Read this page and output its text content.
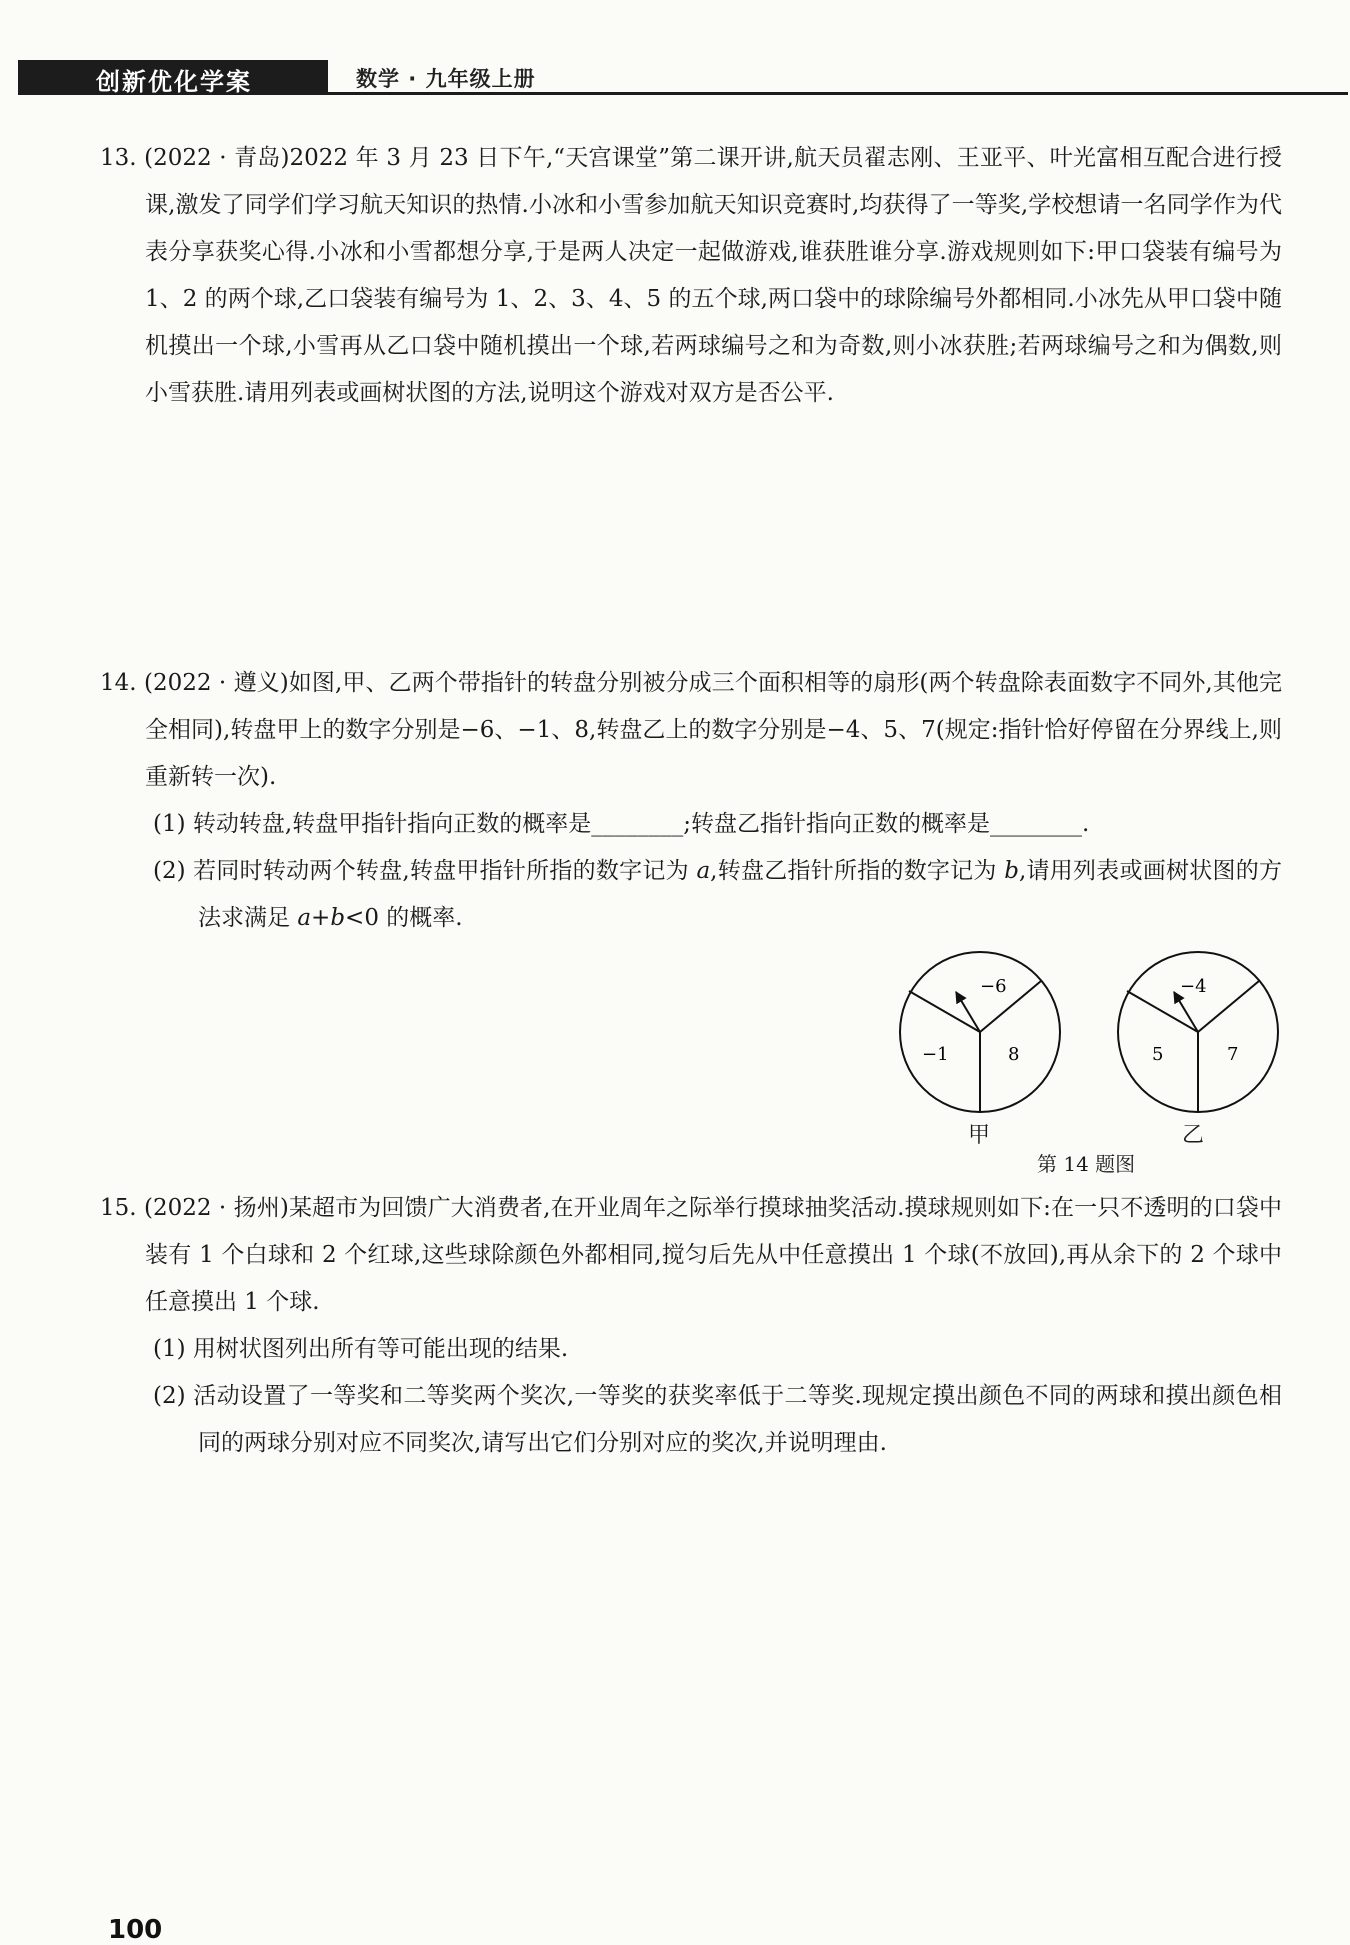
创新优化学案	数学 · 九年级上册

13. (2022 · 青岛)2022 年 3 月 23 日下午,“天宫课堂”第二课开讲,航天员翟志刚、王亚平、叶光富相互配合进行授课,激发了同学们学习航天知识的热情.小冰和小雪参加航天知识竞赛时,均获得了一等奖,学校想请一名同学作为代表分享获奖心得.小冰和小雪都想分享,于是两人决定一起做游戏,谁获胜谁分享.游戏规则如下:甲口袋装有编号为 1、2 的两个球,乙口袋装有编号为 1、2、3、4、5 的五个球,两口袋中的球除编号外都相同.小冰先从甲口袋中随机摸出一个球,小雪再从乙口袋中随机摸出一个球,若两球编号之和为奇数,则小冰获胜;若两球编号之和为偶数,则小雪获胜.请用列表或画树状图的方法,说明这个游戏对双方是否公平.

14. (2022 · 遵义)如图,甲、乙两个带指针的转盘分别被分成三个面积相等的扇形(两个转盘除表面数字不同外,其他完全相同),转盘甲上的数字分别是−6、−1、8,转盘乙上的数字分别是−4、5、7(规定:指针恰好停留在分界线上,则重新转一次).

(1) 转动转盘,转盘甲指针指向正数的概率是________;转盘乙指针指向正数的概率是________.

(2) 若同时转动两个转盘,转盘甲指针所指的数字记为 a,转盘乙指针所指的数字记为 b,请用列表或画树状图的方法求满足 a+b<0 的概率.

−6
−1	8
−4
5	7
甲	乙
第 14 题图

15. (2022 · 扬州)某超市为回馈广大消费者,在开业周年之际举行摸球抽奖活动.摸球规则如下:在一只不透明的口袋中装有 1 个白球和 2 个红球,这些球除颜色外都相同,搅匀后先从中任意摸出 1 个球(不放回),再从余下的 2 个球中任意摸出 1 个球.

(1) 用树状图列出所有等可能出现的结果.

(2) 活动设置了一等奖和二等奖两个奖次,一等奖的获奖率低于二等奖.现规定摸出颜色不同的两球和摸出颜色相同的两球分别对应不同奖次,请写出它们分别对应的奖次,并说明理由.

100
